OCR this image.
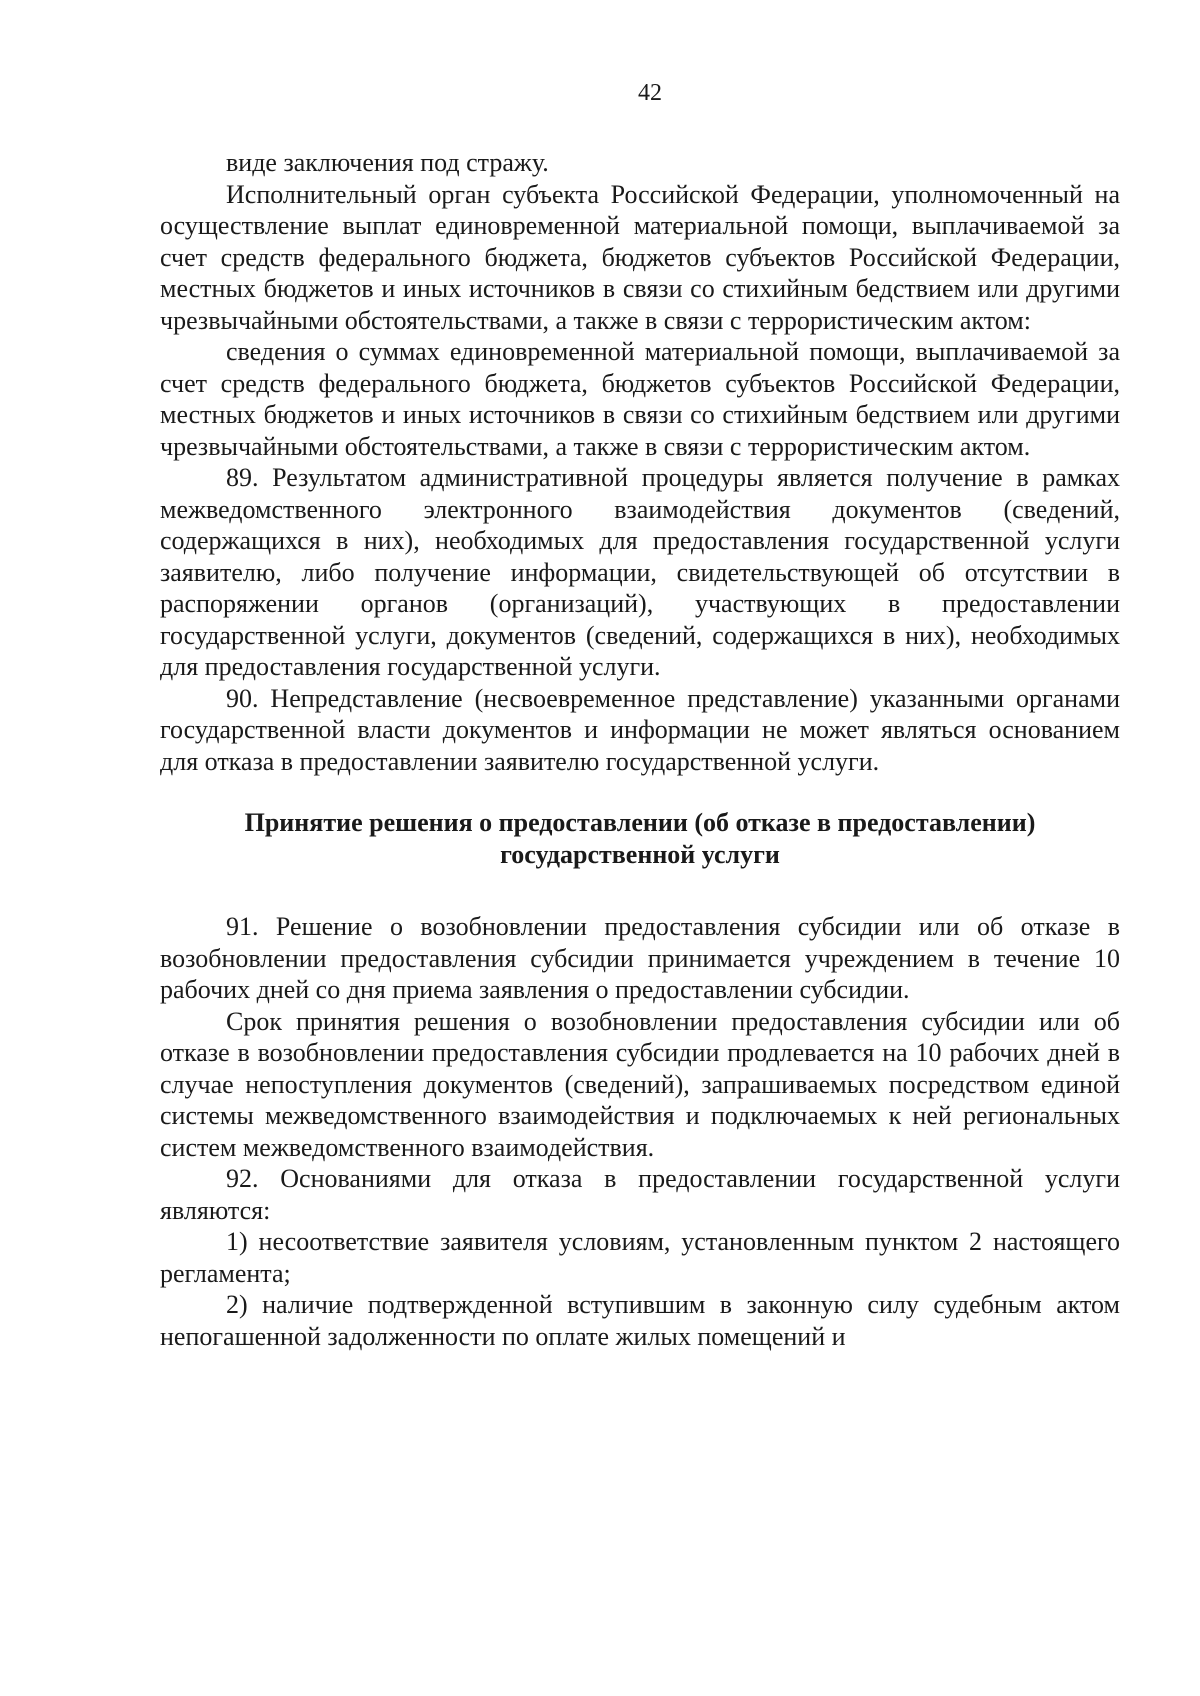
42

виде заключения под стражу.

Исполнительный орган субъекта Российской Федерации, уполномоченный на осуществление выплат единовременной материальной помощи, выплачиваемой за счет средств федерального бюджета, бюджетов субъектов Российской Федерации, местных бюджетов и иных источников в связи со стихийным бедствием или другими чрезвычайными обстоятельствами, а также в связи с террористическим актом:

сведения о суммах единовременной материальной помощи, выплачиваемой за счет средств федерального бюджета, бюджетов субъектов Российской Федерации, местных бюджетов и иных источников в связи со стихийным бедствием или другими чрезвычайными обстоятельствами, а также в связи с террористическим актом.

89. Результатом административной процедуры является получение в рамках межведомственного электронного взаимодействия документов (сведений, содержащихся в них), необходимых для предоставления государственной услуги заявителю, либо получение информации, свидетельствующей об отсутствии в распоряжении органов (организаций), участвующих в предоставлении государственной услуги, документов (сведений, содержащихся в них), необходимых для предоставления государственной услуги.

90. Непредставление (несвоевременное представление) указанными органами государственной власти документов и информации не может являться основанием для отказа в предоставлении заявителю государственной услуги.

Принятие решения о предоставлении (об отказе в предоставлении)
государственной услуги

91. Решение о возобновлении предоставления субсидии или об отказе в возобновлении предоставления субсидии принимается учреждением в течение 10 рабочих дней со дня приема заявления о предоставлении субсидии.

Срок принятия решения о возобновлении предоставления субсидии или об отказе в возобновлении предоставления субсидии продлевается на 10 рабочих дней в случае непоступления документов (сведений), запрашиваемых посредством единой системы межведомственного взаимодействия и подключаемых к ней региональных систем межведомственного взаимодействия.

92. Основаниями для отказа в предоставлении государственной услуги являются:

1) несоответствие заявителя условиям, установленным пунктом 2 настоящего регламента;

2) наличие подтвержденной вступившим в законную силу судебным актом непогашенной задолженности по оплате жилых помещений и
